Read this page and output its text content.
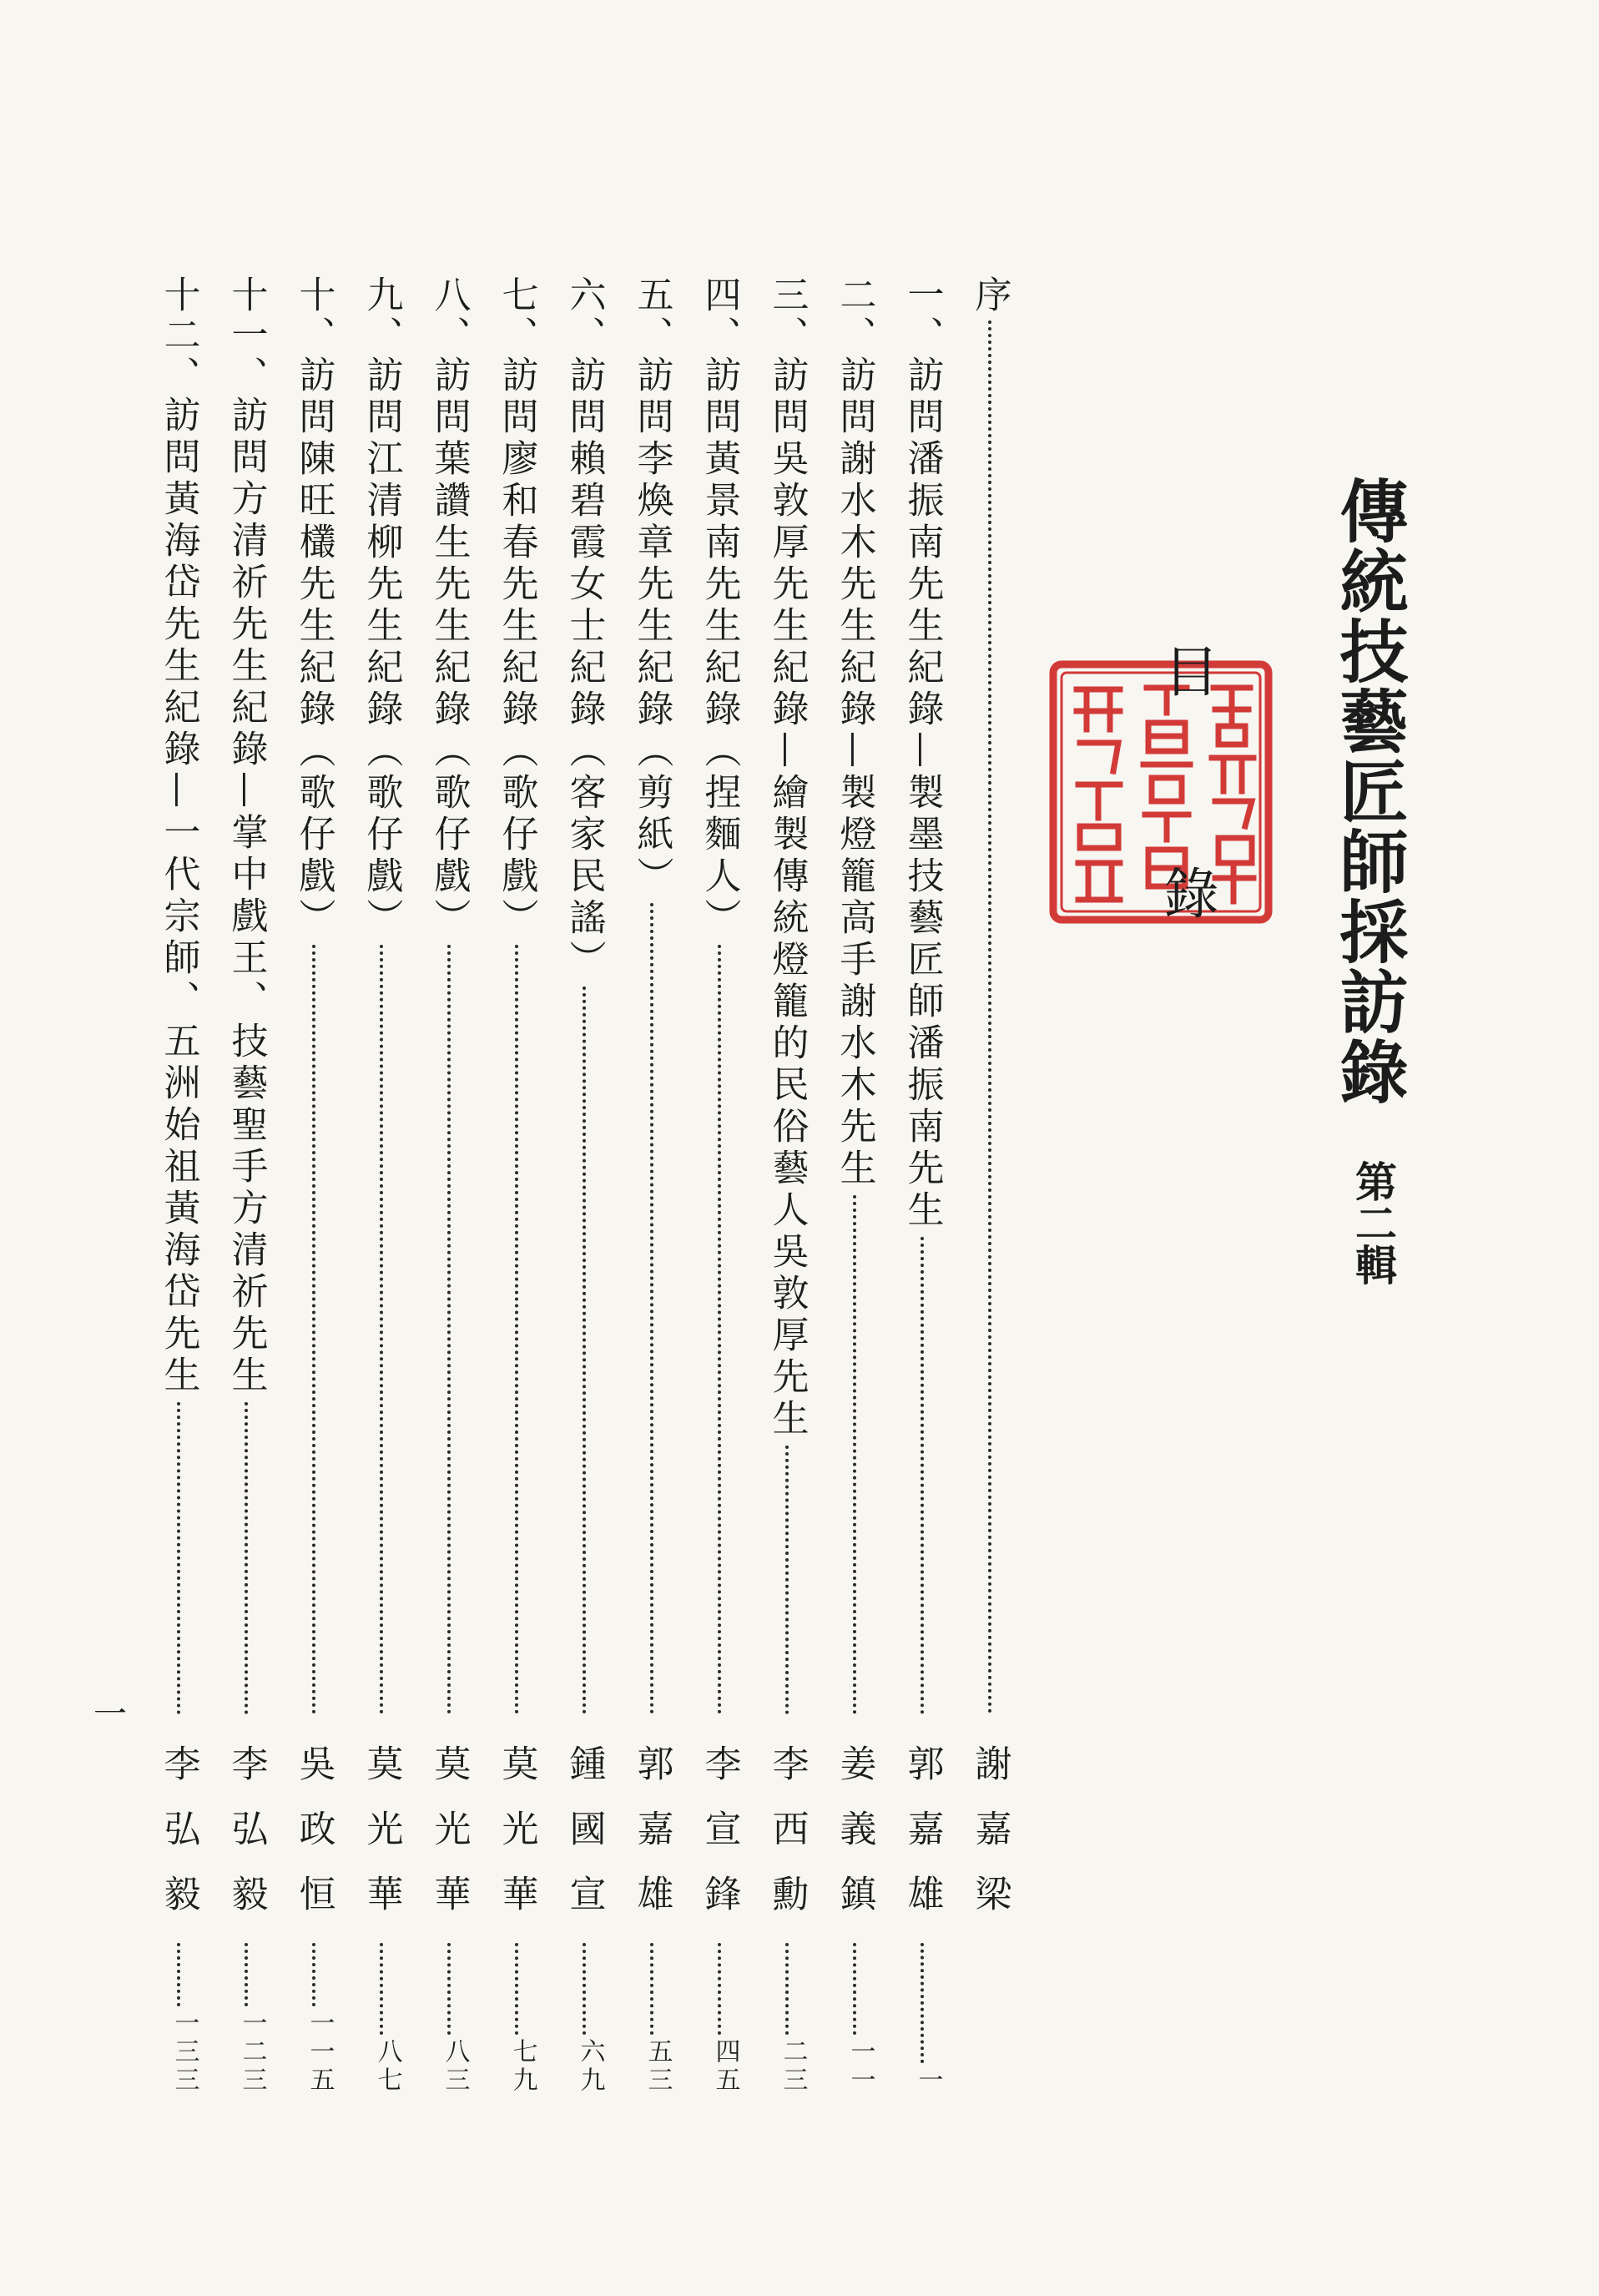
傳統技藝匠師採訪錄
第二輯
目錄
序
謝嘉梁
一、
訪問潘振南先生紀錄—製墨技藝匠師潘振南先生
郭嘉雄
一
二、
訪問謝水木先生紀錄—製燈籠高手謝水木先生
姜義鎮
一一
三、
訪問吳敦厚先生紀錄—繪製傳統燈籠的民俗藝人吳敦厚先生
李西勳
二三
四、
訪問黃景南先生紀錄（捏麵人）
李宣鋒
四五
五、
訪問李煥章先生紀錄（剪紙）
郭嘉雄
五三
六、
訪問賴碧霞女士紀錄（客家民謠）
鍾國宣
六九
七、
訪問廖和春先生紀錄（歌仔戲）
莫光華
七九
八、
訪問葉讚生先生紀錄（歌仔戲）
莫光華
八三
九、
訪問江清柳先生紀錄（歌仔戲）
莫光華
八七
十、
訪問陳旺欉先生紀錄（歌仔戲）
吳政恒
一一五
十一、
訪問方清祈先生紀錄—掌中戲王、技藝聖手方清祈先生
李弘毅
一二三
十二、
訪問黃海岱先生紀錄—一代宗師、五洲始祖黃海岱先生
李弘毅
一三三
一
